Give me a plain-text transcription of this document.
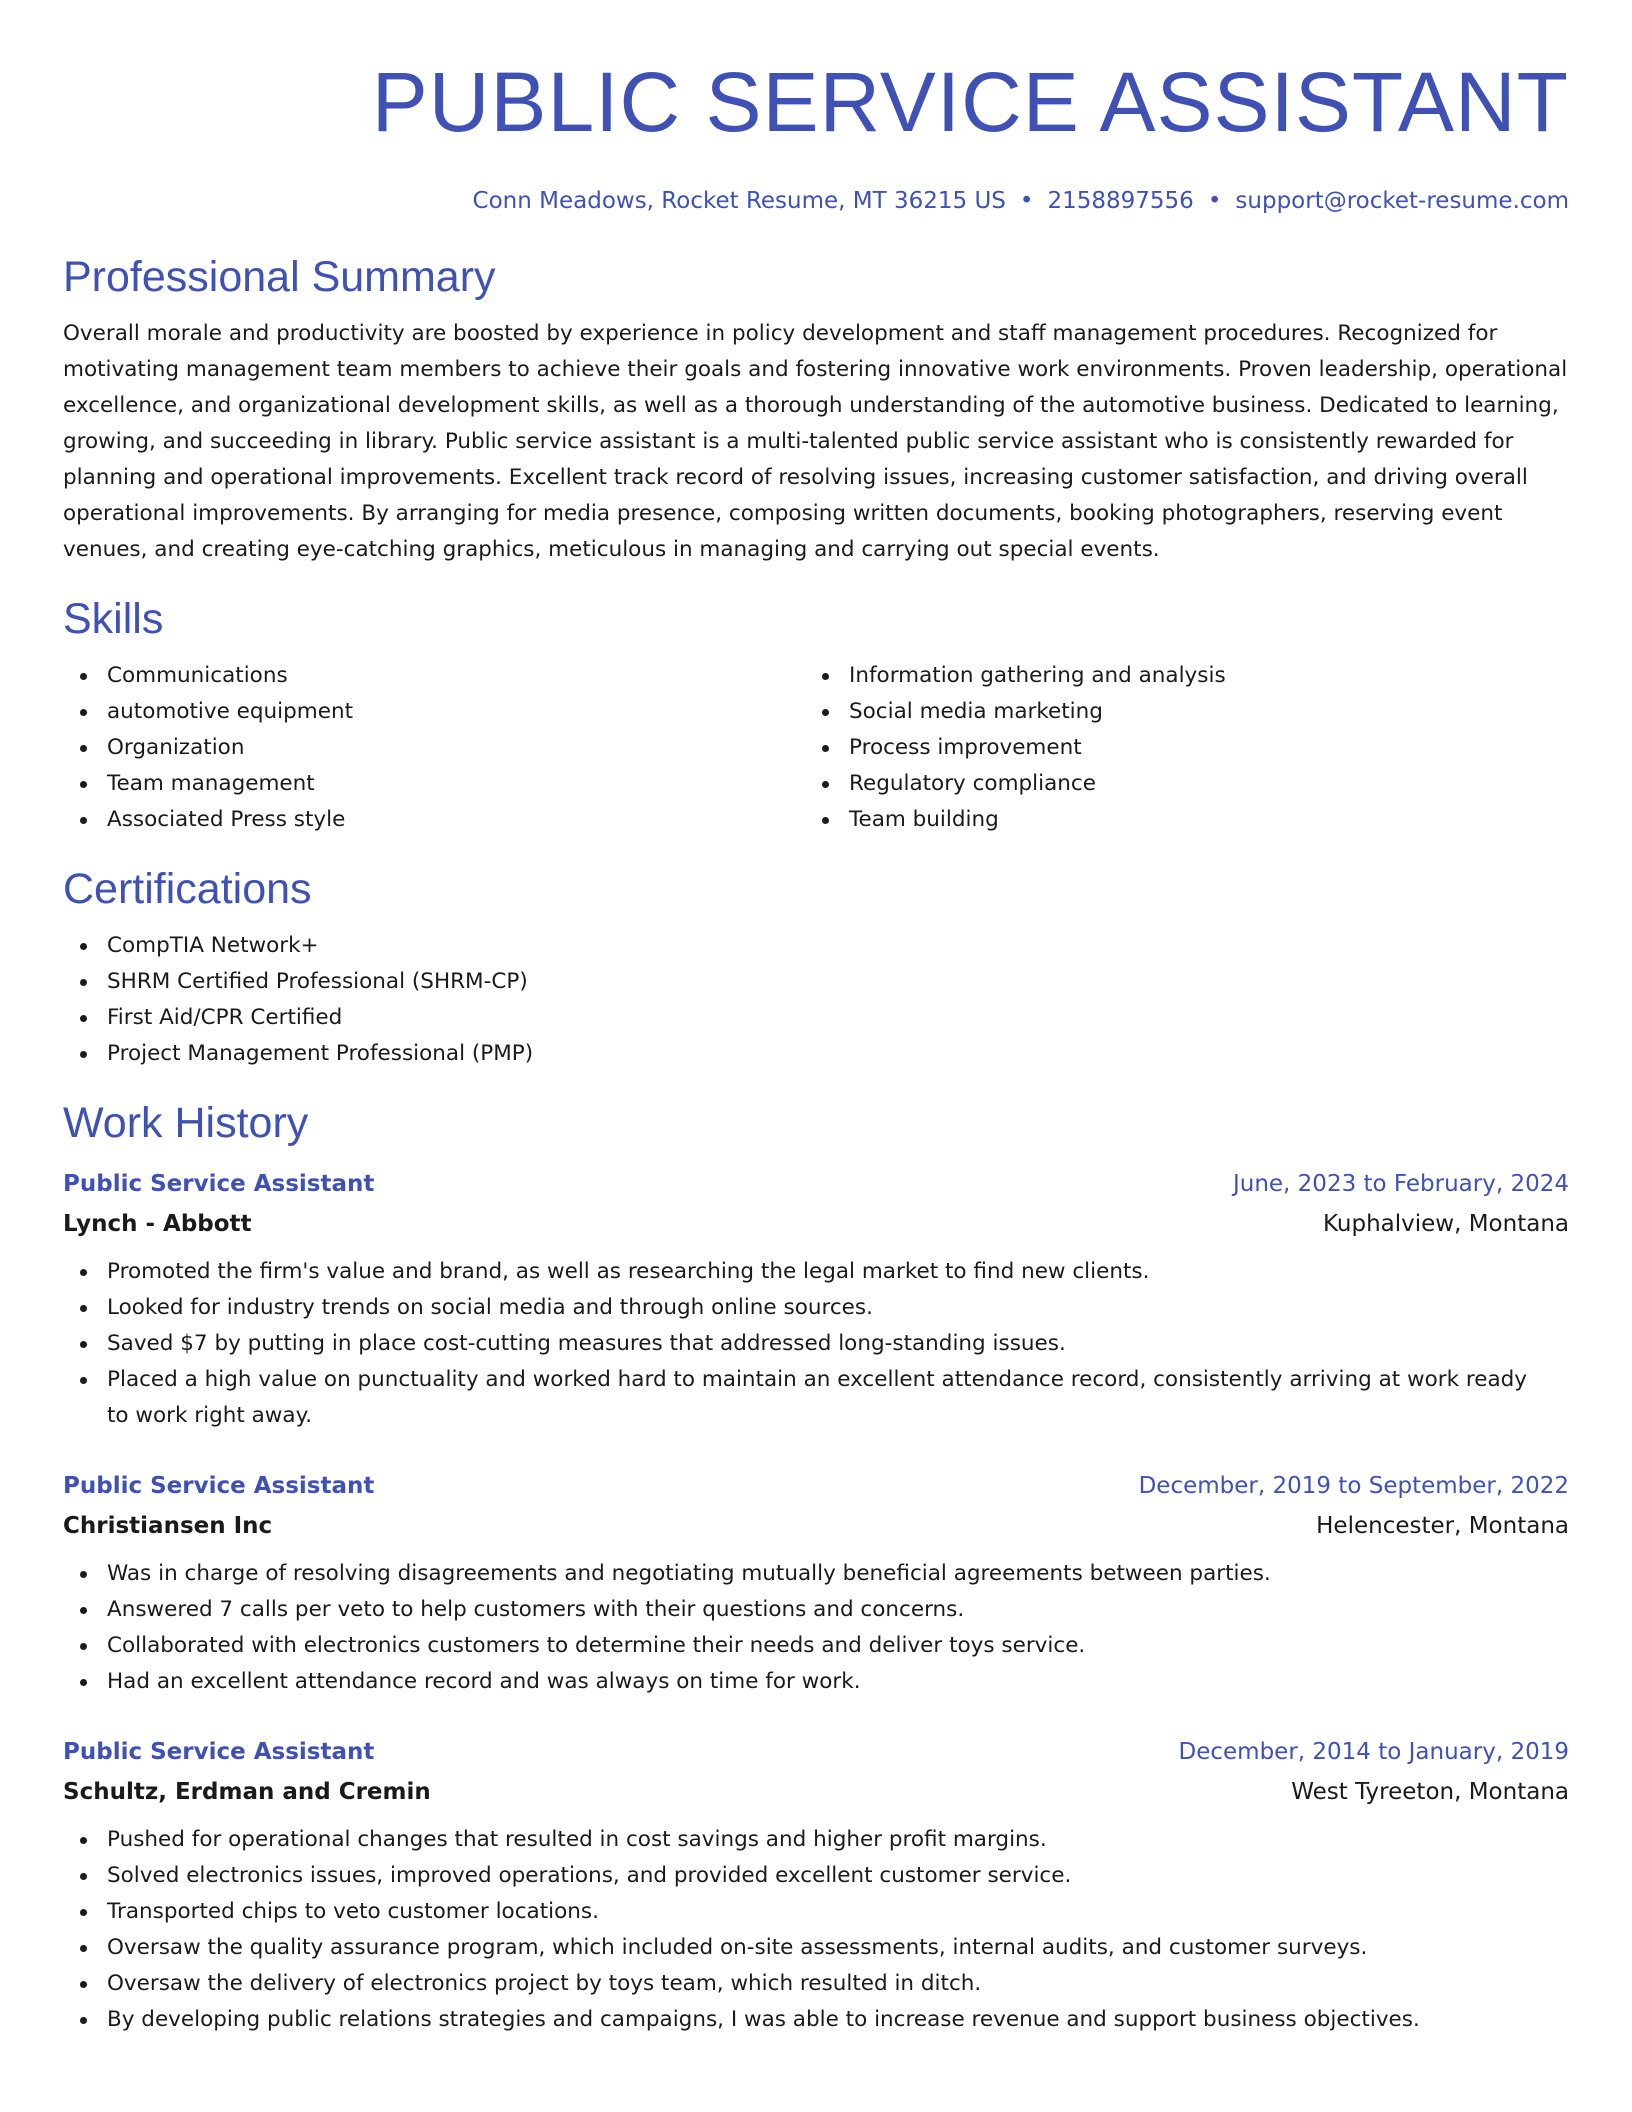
PUBLIC SERVICE ASSISTANT
Conn Meadows, Rocket Resume, MT 36215 US • 2158897556 • support@rocket-resume.com
Professional Summary

Overall morale and productivity are boosted by experience in policy development and staff management procedures. Recognized for motivating management team members to achieve their goals and fostering innovative work environments. Proven leadership, operational excellence, and organizational development skills, as well as a thorough understanding of the automotive business. Dedicated to learning, growing, and succeeding in library. Public service assistant is a multi-talented public service assistant who is consistently rewarded for planning and operational improvements. Excellent track record of resolving issues, increasing customer satisfaction, and driving overall operational improvements. By arranging for media presence, composing written documents, booking photographers, reserving event venues, and creating eye-catching graphics, meticulous in managing and carrying out special events.

Skills
Communications
automotive equipment
Organization
Team management
Associated Press style
Information gathering and analysis
Social media marketing
Process improvement
Regulatory compliance
Team building
Certifications
CompTIA Network+
SHRM Certified Professional (SHRM-CP)
First Aid/CPR Certified
Project Management Professional (PMP)
Work History
Public Service Assistant	June, 2023 to February, 2024
Lynch - Abbott	Kuphalview, Montana
Promoted the firm's value and brand, as well as researching the legal market to find new clients.
Looked for industry trends on social media and through online sources.
Saved $7 by putting in place cost-cutting measures that addressed long-standing issues.
Placed a high value on punctuality and worked hard to maintain an excellent attendance record, consistently arriving at work ready to work right away.
Public Service Assistant	December, 2019 to September, 2022
Christiansen Inc	Helencester, Montana
Was in charge of resolving disagreements and negotiating mutually beneficial agreements between parties.
Answered 7 calls per veto to help customers with their questions and concerns.
Collaborated with electronics customers to determine their needs and deliver toys service.
Had an excellent attendance record and was always on time for work.
Public Service Assistant	December, 2014 to January, 2019
Schultz, Erdman and Cremin	West Tyreeton, Montana
Pushed for operational changes that resulted in cost savings and higher profit margins.
Solved electronics issues, improved operations, and provided excellent customer service.
Transported chips to veto customer locations.
Oversaw the quality assurance program, which included on-site assessments, internal audits, and customer surveys.
Oversaw the delivery of electronics project by toys team, which resulted in ditch.
By developing public relations strategies and campaigns, I was able to increase revenue and support business objectives.
